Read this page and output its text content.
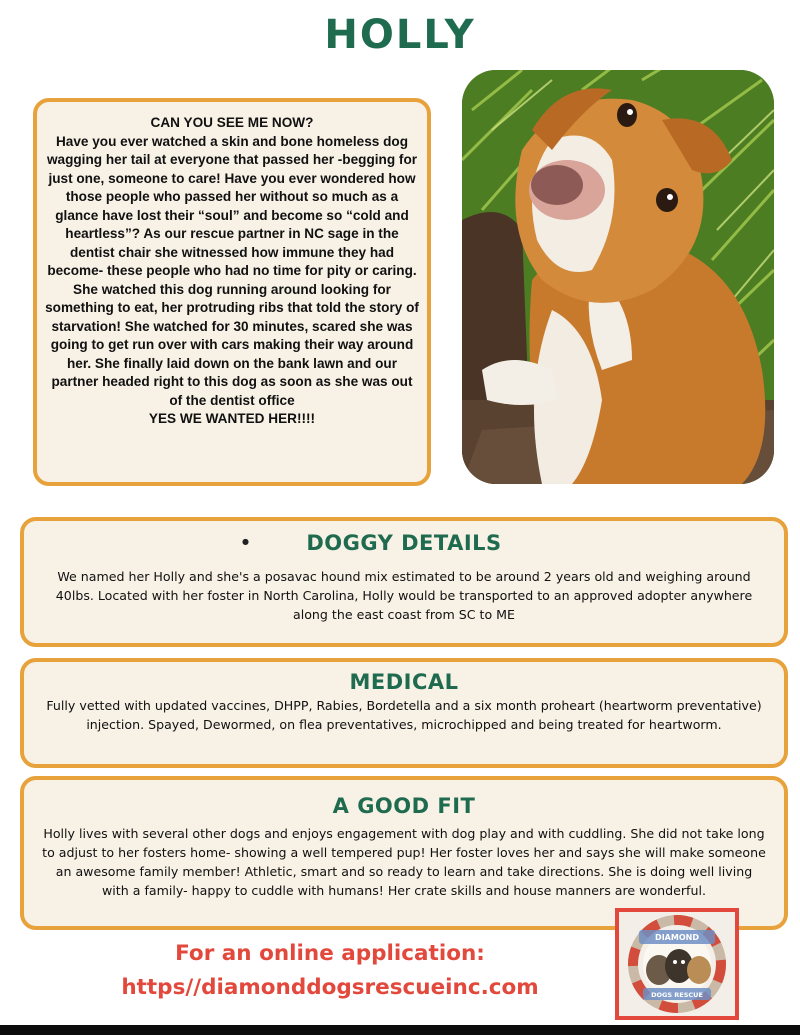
HOLLY
CAN YOU SEE ME NOW?
Have you ever watched a skin and bone homeless dog wagging her tail at everyone that passed her -begging for just one, someone to care! Have you ever wondered how those people who passed her without so much as a glance have lost their “soul” and become so “cold and heartless”? As our rescue partner in NC sage in the dentist chair she witnessed how immune they had become- these people who had no time for pity or caring. She watched this dog running around looking for something to eat, her protruding ribs that told the story of starvation! She watched for 30 minutes, scared she was going to get run over with cars making their way around her. She finally laid down on the bank lawn and our partner headed right to this dog as soon as she was out of the dentist office
YES WE WANTED HER!!!!
●	DOGGY DETAILS

We named her Holly and she's a posavac hound mix estimated to be around 2 years old and weighing around 40lbs. Located with her foster in North Carolina, Holly would be transported to an approved adopter anywhere along the east coast from SC to ME

MEDICAL

Fully vetted with updated vaccines, DHPP, Rabies, Bordetella and a six month proheart (heartworm preventative) injection. Spayed, Dewormed, on flea preventatives, microchipped and being treated for heartworm.

A GOOD FIT

Holly lives with several other dogs and enjoys engagement with dog play and with cuddling. She did not take long to adjust to her fosters home- showing a well tempered pup! Her foster loves her and says she will make someone an awesome family member! Athletic, smart and so ready to learn and take directions. She is doing well living with a family- happy to cuddle with humans! Her crate skills and house manners are wonderful.

For an online application:
https//diamonddogsrescueinc.com
DIAMOND
DOGS RESCUE
